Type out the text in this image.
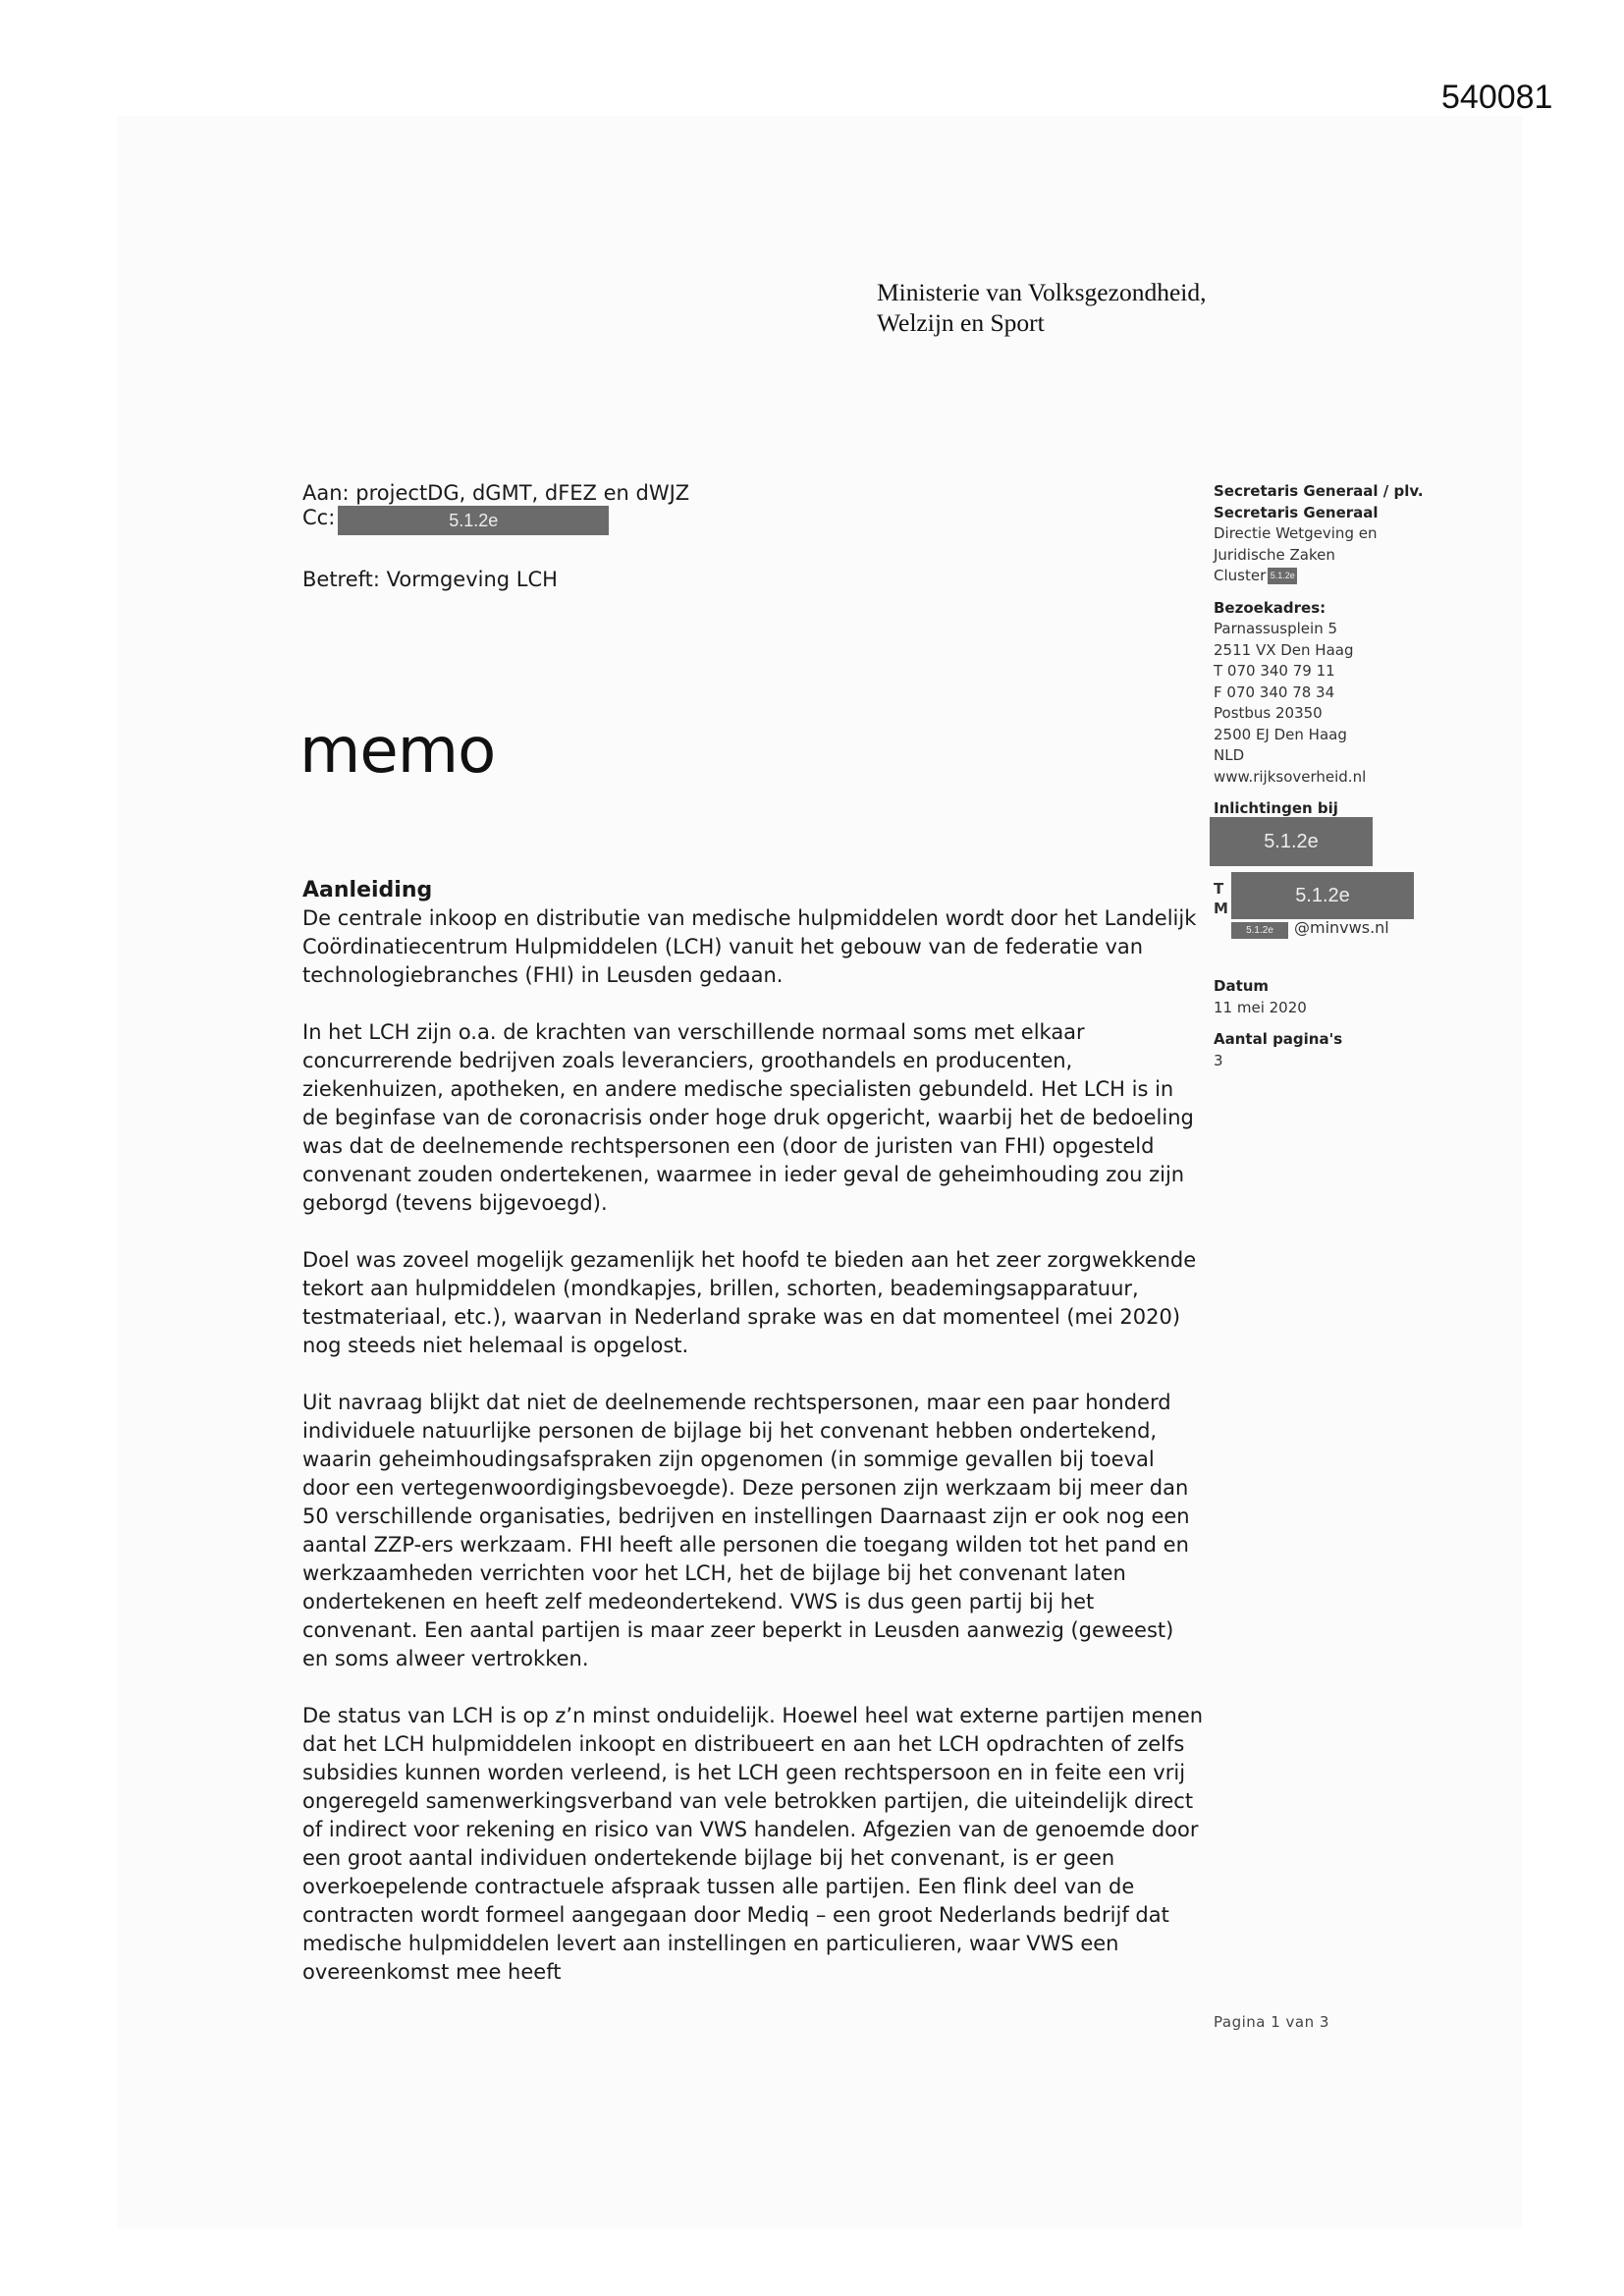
540081
Ministerie van Volksgezondheid,
Welzijn en Sport
Aan: projectDG, dGMT, dFEZ en dWJZ
Cc:	5.1.2e
Betreft: Vormgeving LCH
memo
Aanleiding

De centrale inkoop en distributie van medische hulpmiddelen wordt door het Landelijk Coördinatiecentrum Hulpmiddelen (LCH) vanuit het gebouw van de federatie van technologiebranches (FHI) in Leusden gedaan.

In het LCH zijn o.a. de krachten van verschillende normaal soms met elkaar concurrerende bedrijven zoals leveranciers, groothandels en producenten, ziekenhuizen, apotheken, en andere medische specialisten gebundeld. Het LCH is in de beginfase van de coronacrisis onder hoge druk opgericht, waarbij het de bedoeling was dat de deelnemende rechtspersonen een (door de juristen van FHI) opgesteld convenant zouden ondertekenen, waarmee in ieder geval de geheimhouding zou zijn geborgd (tevens bijgevoegd).

Doel was zoveel mogelijk gezamenlijk het hoofd te bieden aan het zeer zorgwekkende tekort aan hulpmiddelen (mondkapjes, brillen, schorten, beademingsapparatuur, testmateriaal, etc.), waarvan in Nederland sprake was en dat momenteel (mei 2020) nog steeds niet helemaal is opgelost.

Uit navraag blijkt dat niet de deelnemende rechtspersonen, maar een paar honderd individuele natuurlijke personen de bijlage bij het convenant hebben ondertekend, waarin geheimhoudingsafspraken zijn opgenomen (in sommige gevallen bij toeval door een vertegenwoordigingsbevoegde). Deze personen zijn werkzaam bij meer dan 50 verschillende organisaties, bedrijven en instellingen Daarnaast zijn er ook nog een aantal ZZP-ers werkzaam. FHI heeft alle personen die toegang wilden tot het pand en werkzaamheden verrichten voor het LCH, het de bijlage bij het convenant laten ondertekenen en heeft zelf medeondertekend. VWS is dus geen partij bij het convenant. Een aantal partijen is maar zeer beperkt in Leusden aanwezig (geweest) en soms alweer vertrokken.

De status van LCH is op z’n minst onduidelijk. Hoewel heel wat externe partijen menen dat het LCH hulpmiddelen inkoopt en distribueert en aan het LCH opdrachten of zelfs subsidies kunnen worden verleend, is het LCH geen rechtspersoon en in feite een vrij ongeregeld samenwerkingsverband van vele betrokken partijen, die uiteindelijk direct of indirect voor rekening en risico van VWS handelen. Afgezien van de genoemde door een groot aantal individuen ondertekende bijlage bij het convenant, is er geen overkoepelende contractuele afspraak tussen alle partijen. Een flink deel van de contracten wordt formeel aangegaan door Mediq – een groot Nederlands bedrijf dat medische hulpmiddelen levert aan instellingen en particulieren, waar VWS een overeenkomst mee heeft

Secretaris Generaal / plv.
Secretaris Generaal
Directie Wetgeving en
Juridische Zaken
Cluster 5.1.2e
Bezoekadres:
Parnassusplein 5
2511 VX Den Haag
T 070 340 79 11
F 070 340 78 34
Postbus 20350
2500 EJ Den Haag
NLD
www.rijksoverheid.nl
Inlichtingen bij
5.1.2e
T
M
5.1.2e
5.1.2e	@minvws.nl
Datum
11 mei 2020
Aantal pagina's
3
Pagina 1 van 3
